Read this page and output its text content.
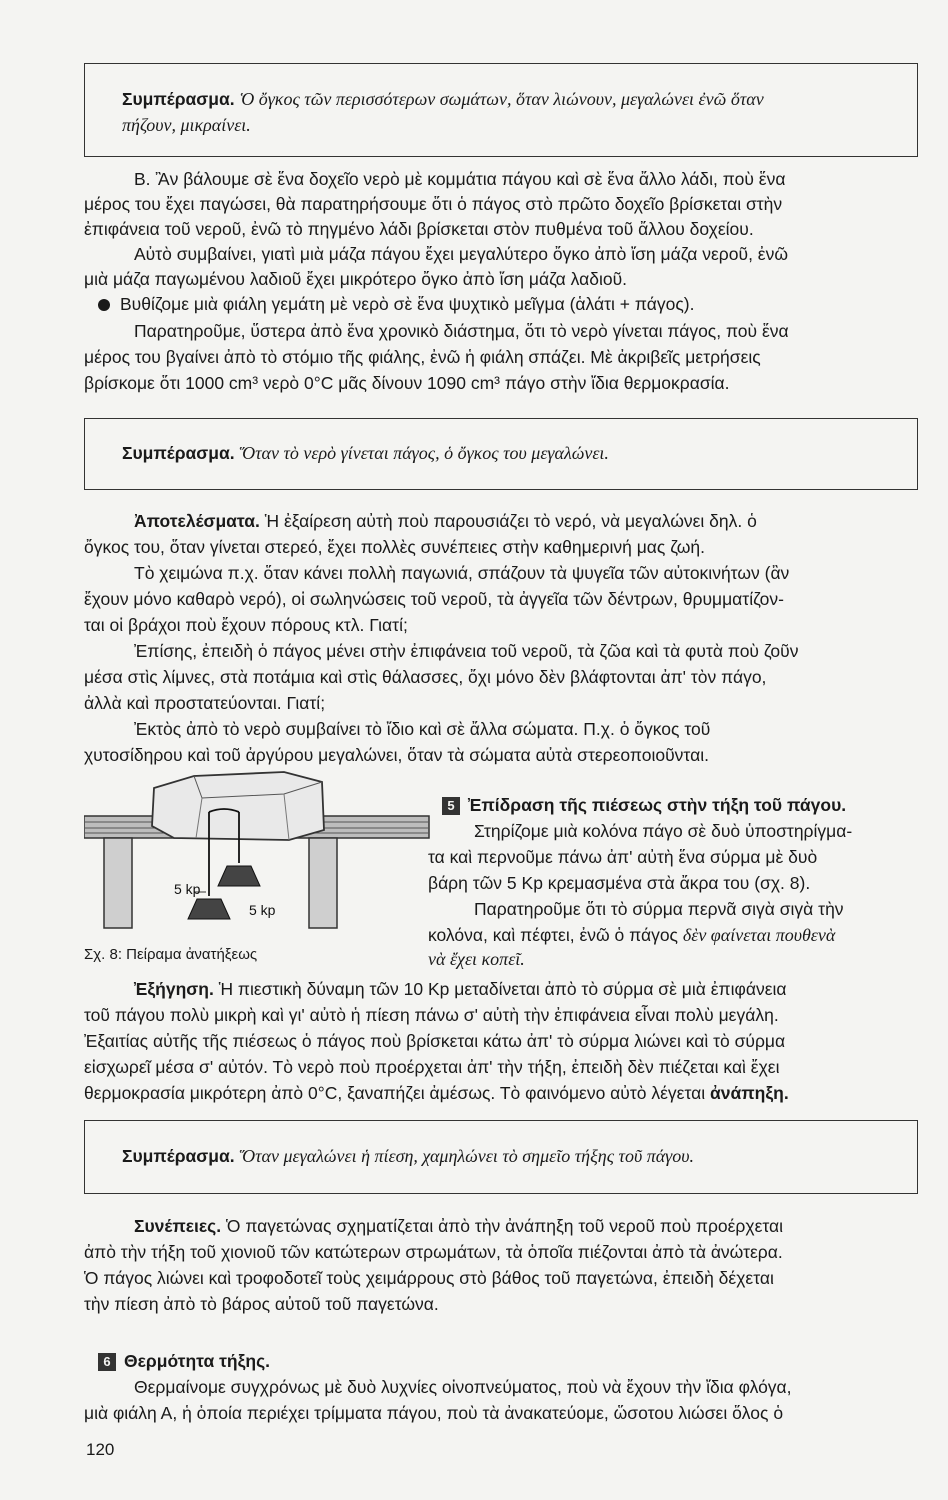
Συμπέρασμα. Ὁ ὄγκος τῶν περισσότερων σωμάτων, ὅταν λιώνουν, μεγαλώνει ἐνῶ ὅταν
πήζουν, μικραίνει.
Β. Ἂν βάλουμε σὲ ἕνα δοχεῖο νερὸ μὲ κομμάτια πάγου καὶ σὲ ἕνα ἄλλο λάδι, ποὺ ἕνα
μέρος του ἔχει παγώσει, θὰ παρατηρήσουμε ὅτι ὁ πάγος στὸ πρῶτο δοχεῖο βρίσκεται στὴν
ἐπιφάνεια τοῦ νεροῦ, ἐνῶ τὸ πηγμένο λάδι βρίσκεται στὸν πυθμένα τοῦ ἄλλου δοχείου.
Αὐτὸ συμβαίνει, γιατὶ μιὰ μάζα πάγου ἔχει μεγαλύτερο ὄγκο ἀπὸ ἴση μάζα νεροῦ, ἐνῶ
μιὰ μάζα παγωμένου λαδιοῦ ἔχει μικρότερο ὄγκο ἀπὸ ἴση μάζα λαδιοῦ.
Βυθίζομε μιὰ φιάλη γεμάτη μὲ νερὸ σὲ ἕνα ψυχτικὸ μεῖγμα (ἁλάτι + πάγος).
Παρατηροῦμε, ὕστερα ἀπὸ ἕνα χρονικὸ διάστημα, ὅτι τὸ νερὸ γίνεται πάγος, ποὺ ἕνα
μέρος του βγαίνει ἀπὸ τὸ στόμιο τῆς φιάλης, ἐνῶ ἡ φιάλη σπάζει. Μὲ ἀκριβεῖς μετρήσεις
βρίσκομε ὅτι 1000 cm³ νερὸ 0°C μᾶς δίνουν 1090 cm³ πάγο στὴν ἴδια θερμοκρασία.
Συμπέρασμα. Ὅταν τὸ νερὸ γίνεται πάγος, ὁ ὄγκος του μεγαλώνει.
Ἀποτελέσματα. Ἡ ἐξαίρεση αὐτὴ ποὺ παρουσιάζει τὸ νερό, νὰ μεγαλώνει δηλ. ὁ
ὄγκος του, ὅταν γίνεται στερεό, ἔχει πολλὲς συνέπειες στὴν καθημερινή μας ζωή.
Τὸ χειμώνα π.χ. ὅταν κάνει πολλὴ παγωνιά, σπάζουν τὰ ψυγεῖα τῶν αὐτοκινήτων (ἂν
ἔχουν μόνο καθαρὸ νερό), οἱ σωληνώσεις τοῦ νεροῦ, τὰ ἀγγεῖα τῶν δέντρων, θρυμματίζον-
ται οἱ βράχοι ποὺ ἔχουν πόρους κτλ. Γιατί;
Ἐπίσης, ἐπειδὴ ὁ πάγος μένει στὴν ἐπιφάνεια τοῦ νεροῦ, τὰ ζῶα καὶ τὰ φυτὰ ποὺ ζοῦν
μέσα στὶς λίμνες, στὰ ποτάμια καὶ στὶς θάλασσες, ὄχι μόνο δὲν βλάφτονται ἀπ' τὸν πάγο,
ἀλλὰ καὶ προστατεύονται. Γιατί;
Ἐκτὸς ἀπὸ τὸ νερὸ συμβαίνει τὸ ἴδιο καὶ σὲ ἄλλα σώματα. Π.χ. ὁ ὄγκος τοῦ
χυτοσίδηρου καὶ τοῦ ἀργύρου μεγαλώνει, ὅταν τὰ σώματα αὐτὰ στερεοποιοῦνται.
5 kp
5 kp
Σχ. 8: Πείραμα ἀνατήξεως
5 Ἐπίδραση τῆς πιέσεως στὴν τήξη τοῦ πάγου.
Στηρίζομε μιὰ κολόνα πάγο σὲ δυὸ ὑποστηρίγμα-
τα καὶ περνοῦμε πάνω ἀπ' αὐτὴ ἕνα σύρμα μὲ δυὸ
βάρη τῶν 5 Kp κρεμασμένα στὰ ἄκρα του (σχ. 8).
Παρατηροῦμε ὅτι τὸ σύρμα περνᾶ σιγὰ σιγὰ τὴν
κολόνα, καὶ πέφτει, ἐνῶ ὁ πάγος δὲν φαίνεται πουθενὰ
νὰ ἔχει κοπεῖ.
Ἐξήγηση. Ἡ πιεστικὴ δύναμη τῶν 10 Kp μεταδίνεται ἀπὸ τὸ σύρμα σὲ μιὰ ἐπιφάνεια
τοῦ πάγου πολὺ μικρὴ καὶ γι' αὐτὸ ἡ πίεση πάνω σ' αὐτὴ τὴν ἐπιφάνεια εἶναι πολὺ μεγάλη.
Ἐξαιτίας αὐτῆς τῆς πιέσεως ὁ πάγος ποὺ βρίσκεται κάτω ἀπ' τὸ σύρμα λιώνει καὶ τὸ σύρμα
εἰσχωρεῖ μέσα σ' αὐτόν. Τὸ νερὸ ποὺ προέρχεται ἀπ' τὴν τήξη, ἐπειδὴ δὲν πιέζεται καὶ ἔχει
θερμοκρασία μικρότερη ἀπὸ 0°C, ξαναπήζει ἀμέσως. Τὸ φαινόμενο αὐτὸ λέγεται ἀνάπηξη.
Συμπέρασμα. Ὅταν μεγαλώνει ἡ πίεση, χαμηλώνει τὸ σημεῖο τήξης τοῦ πάγου.
Συνέπειες. Ὁ παγετώνας σχηματίζεται ἀπὸ τὴν ἀνάπηξη τοῦ νεροῦ ποὺ προέρχεται
ἀπὸ τὴν τήξη τοῦ χιονιοῦ τῶν κατώτερων στρωμάτων, τὰ ὁποῖα πιέζονται ἀπὸ τὰ ἀνώτερα.
Ὁ πάγος λιώνει καὶ τροφοδοτεῖ τοὺς χειμάρρους στὸ βάθος τοῦ παγετώνα, ἐπειδὴ δέχεται
τὴν πίεση ἀπὸ τὸ βάρος αὐτοῦ τοῦ παγετώνα.
6 Θερμότητα τήξης.
Θερμαίνομε συγχρόνως μὲ δυὸ λυχνίες οἰνοπνεύματος, ποὺ νὰ ἔχουν τὴν ἴδια φλόγα,
μιὰ φιάλη Α, ἡ ὁποία περιέχει τρίμματα πάγου, ποὺ τὰ ἀνακατεύομε, ὥσοτου λιώσει ὅλος ὁ
120
